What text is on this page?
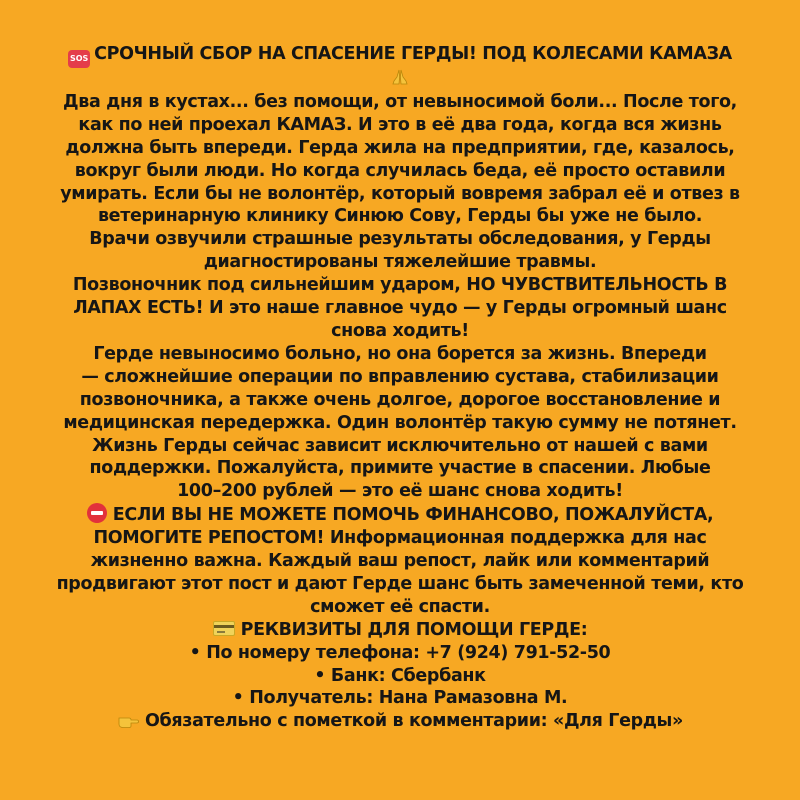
SOS СРОЧНЫЙ СБОР НА СПАСЕНИЕ ГЕРДЫ! ПОД КОЛЕСАМИ КАМАЗА
Два дня в кустах... без помощи, от невыносимой боли... После того,
как по ней проехал КАМАЗ. И это в её два года, когда вся жизнь
должна быть впереди. Герда жила на предприятии, где, казалось,
вокруг были люди. Но когда случилась беда, её просто оставили
умирать. Если бы не волонтёр, который вовремя забрал её и отвез в
ветеринарную клинику Синюю Сову, Герды бы уже не было.
Врачи озвучили страшные результаты обследования, у Герды
диагностированы тяжелейшие травмы.
Позвоночник под сильнейшим ударом, НО ЧУВСТВИТЕЛЬНОСТЬ В
ЛАПАХ ЕСТЬ! И это наше главное чудо — у Герды огромный шанс
снова ходить!
Герде невыносимо больно, но она борется за жизнь. Впереди
— сложнейшие операции по вправлению сустава, стабилизации
позвоночника, а также очень долгое, дорогое восстановление и
медицинская передержка. Один волонтёр такую сумму не потянет.
Жизнь Герды сейчас зависит исключительно от нашей с вами
поддержки. Пожалуйста, примите участие в спасении. Любые
100–200 рублей — это её шанс снова ходить!
ЕСЛИ ВЫ НЕ МОЖЕТЕ ПОМОЧЬ ФИНАНСОВО, ПОЖАЛУЙСТА,
ПОМОГИТЕ РЕПОСТОМ! Информационная поддержка для нас
жизненно важна. Каждый ваш репост, лайк или комментарий
продвигают этот пост и дают Герде шанс быть замеченной теми, кто
сможет её спасти.
РЕКВИЗИТЫ ДЛЯ ПОМОЩИ ГЕРДЕ:
• По номеру телефона: +7 (924) 791-52-50
• Банк: Сбербанк
• Получатель: Нана Рамазовна М.
Обязательно с пометкой в комментарии: «Для Герды»
